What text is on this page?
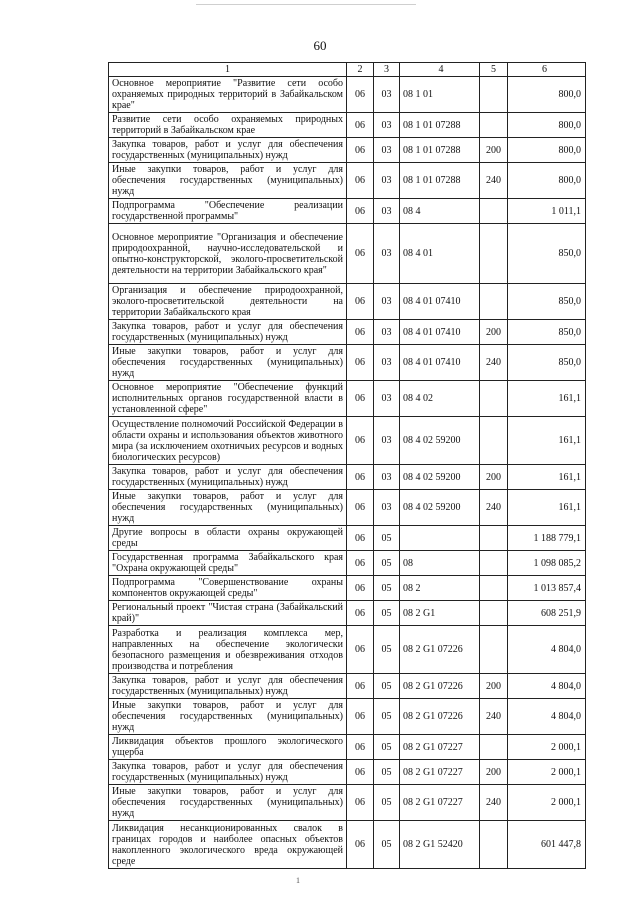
60
1	2	3	4	5	6
Основное мероприятие "Развитие сети особо охраняемых природных территорий в Забайкальском крае"	06	03	08 1 01		800,0
Развитие сети особо охраняемых природных территорий в Забайкальском крае	06	03	08 1 01 07288		800,0
Закупка товаров, работ и услуг для обеспечения государственных (муниципальных) нужд	06	03	08 1 01 07288	200	800,0
Иные закупки товаров, работ и услуг для обеспечения государственных (муниципальных) нужд	06	03	08 1 01 07288	240	800,0
Подпрограмма "Обеспечение реализации государственной программы"	06	03	08 4		1 011,1
Основное мероприятие "Организация и обеспечение природоохранной, научно-исследовательской и опытно-конструкторской, эколого-просветительской деятельности на территории Забайкальского края"	06	03	08 4 01		850,0
Организация и обеспечение природоохранной, эколого-просветительской деятельности на территории Забайкальского края	06	03	08 4 01 07410		850,0
Закупка товаров, работ и услуг для обеспечения государственных (муниципальных) нужд	06	03	08 4 01 07410	200	850,0
Иные закупки товаров, работ и услуг для обеспечения государственных (муниципальных) нужд	06	03	08 4 01 07410	240	850,0
Основное мероприятие "Обеспечение функций исполнительных органов государственной власти в установленной сфере"	06	03	08 4 02		161,1
Осуществление полномочий Российской Федерации в области охраны и использования объектов животного мира (за исключением охотничьих ресурсов и водных биологических ресурсов)	06	03	08 4 02 59200		161,1
Закупка товаров, работ и услуг для обеспечения государственных (муниципальных) нужд	06	03	08 4 02 59200	200	161,1
Иные закупки товаров, работ и услуг для обеспечения государственных (муниципальных) нужд	06	03	08 4 02 59200	240	161,1
Другие вопросы в области охраны окружающей среды	06	05			1 188 779,1
Государственная программа Забайкальского края "Охрана окружающей среды"	06	05	08		1 098 085,2
Подпрограмма "Совершенствование охраны компонентов окружающей среды"	06	05	08 2		1 013 857,4
Региональный проект "Чистая страна (Забайкальский край)"	06	05	08 2 G1		608 251,9
Разработка и реализация комплекса мер, направленных на обеспечение экологически безопасного размещения и обезвреживания отходов производства и потребления	06	05	08 2 G1 07226		4 804,0
Закупка товаров, работ и услуг для обеспечения государственных (муниципальных) нужд	06	05	08 2 G1 07226	200	4 804,0
Иные закупки товаров, работ и услуг для обеспечения государственных (муниципальных) нужд	06	05	08 2 G1 07226	240	4 804,0
Ликвидация объектов прошлого экологического ущерба	06	05	08 2 G1 07227		2 000,1
Закупка товаров, работ и услуг для обеспечения государственных (муниципальных) нужд	06	05	08 2 G1 07227	200	2 000,1
Иные закупки товаров, работ и услуг для обеспечения государственных (муниципальных) нужд	06	05	08 2 G1 07227	240	2 000,1
Ликвидация несанкционированных свалок в границах городов и наиболее опасных объектов накопленного экологического вреда окружающей среде	06	05	08 2 G1 52420		601 447,8
1
